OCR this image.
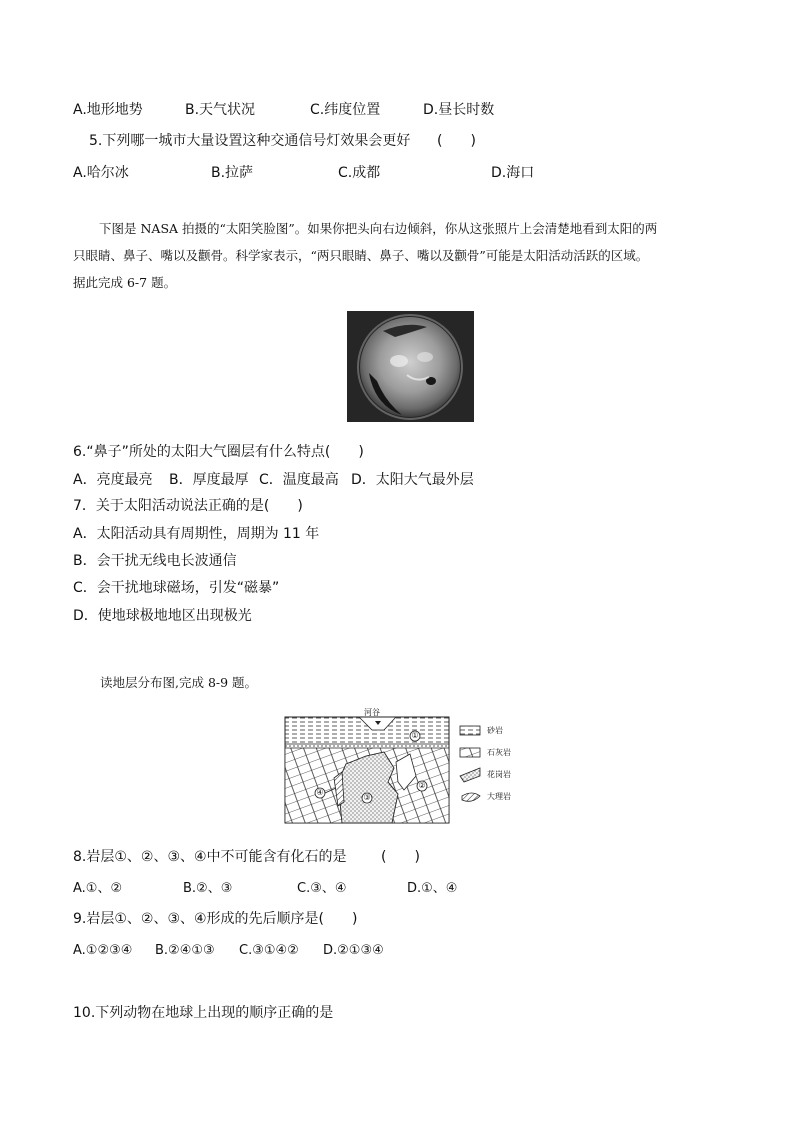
A.地形地势	B.天气状况	C.纬度位置	D.昼长时数
5.下列哪一城市大量设置这种交通信号灯效果会更好 (　　)
A.哈尔冰	B.拉萨	C.成都	D.海口
下图是 NASA 拍摄的“太阳笑脸图”。如果你把头向右边倾斜，你从这张照片上会清楚地看到太阳的两
只眼睛、鼻子、嘴以及颧骨。科学家表示，“两只眼睛、鼻子、嘴以及颧骨”可能是太阳活动活跃的区域。
据此完成 6-7 题。
6.“鼻子”所处的太阳大气圈层有什么特点(　　)
A．亮度最亮 B．厚度最厚 C．温度最高 D．太阳大气最外层
7．关于太阳活动说法正确的是(　　)
A．太阳活动具有周期性，周期为 11 年
B．会干扰无线电长波通信
C．会干扰地球磁场，引发“磁暴”
D．使地球极地地区出现极光
读地层分布图,完成 8-9 题。
河谷
①
③
④
②
砂岩
石灰岩
花岗岩
大理岩
8.岩层①、②、③、④中不可能含有化石的是 (　　)
A.①、②	B.②、③	C.③、④	D.①、④
9.岩层①、②、③、④形成的先后顺序是(　　)
A.①②③④ B.②④①③ C.③①④② D.②①③④
10.下列动物在地球上出现的顺序正确的是
